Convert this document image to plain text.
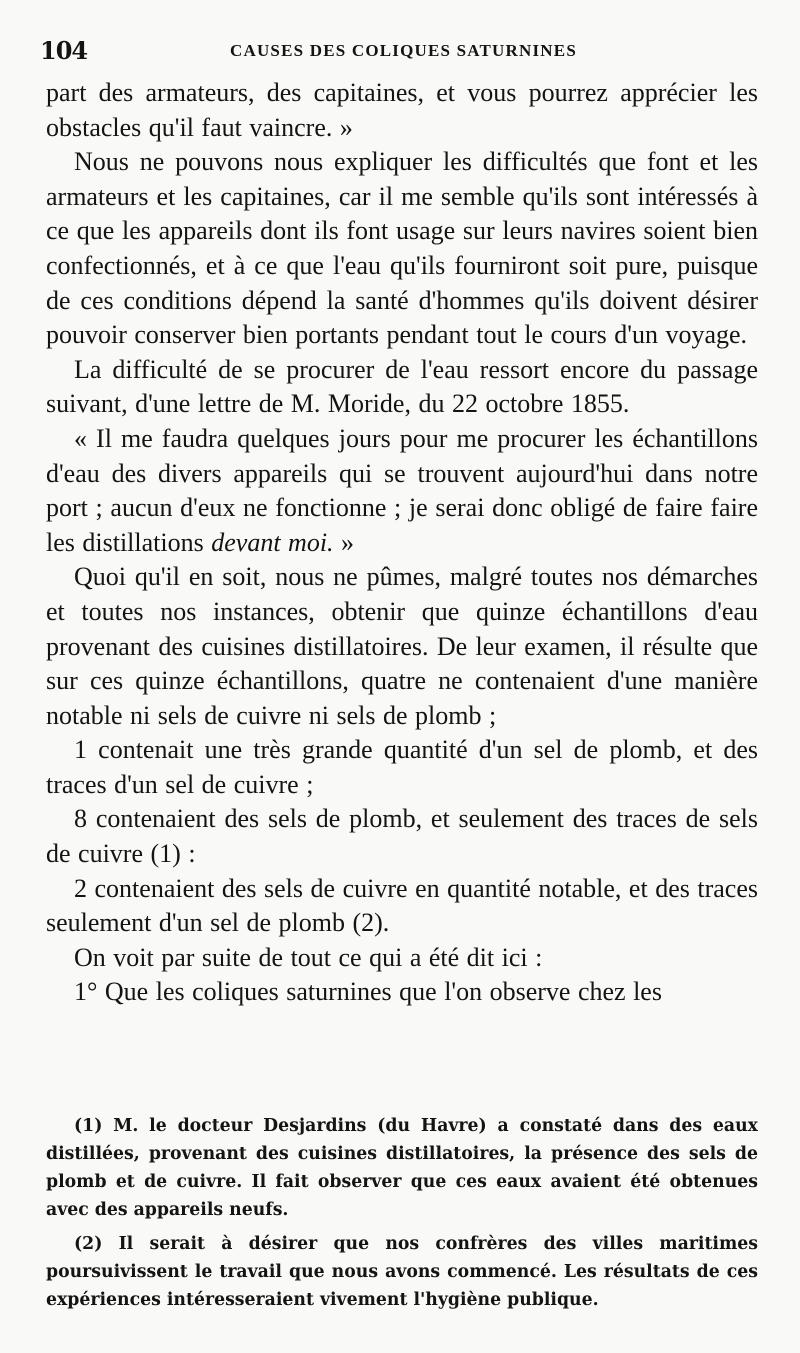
104	CAUSES DES COLIQUES SATURNINES

part des armateurs, des capitaines, et vous pourrez apprécier les obstacles qu'il faut vaincre. »

Nous ne pouvons nous expliquer les difficultés que font et les armateurs et les capitaines, car il me semble qu'ils sont intéressés à ce que les appareils dont ils font usage sur leurs navires soient bien confectionnés, et à ce que l'eau qu'ils fourniront soit pure, puisque de ces conditions dépend la santé d'hommes qu'ils doivent désirer pouvoir conserver bien portants pendant tout le cours d'un voyage.

La difficulté de se procurer de l'eau ressort encore du passage suivant, d'une lettre de M. Moride, du 22 octobre 1855.

« Il me faudra quelques jours pour me procurer les échantillons d'eau des divers appareils qui se trouvent aujourd'hui dans notre port ; aucun d'eux ne fonctionne ; je serai donc obligé de faire faire les distillations devant moi. »

Quoi qu'il en soit, nous ne pûmes, malgré toutes nos démarches et toutes nos instances, obtenir que quinze échantillons d'eau provenant des cuisines distillatoires. De leur examen, il résulte que sur ces quinze échantillons, quatre ne contenaient d'une manière notable ni sels de cuivre ni sels de plomb ;

1 contenait une très grande quantité d'un sel de plomb, et des traces d'un sel de cuivre ;

8 contenaient des sels de plomb, et seulement des traces de sels de cuivre (1) :

2 contenaient des sels de cuivre en quantité notable, et des traces seulement d'un sel de plomb (2).

On voit par suite de tout ce qui a été dit ici :

1° Que les coliques saturnines que l'on observe chez les

(1) M. le docteur Desjardins (du Havre) a constaté dans des eaux distillées, provenant des cuisines distillatoires, la présence des sels de plomb et de cuivre. Il fait observer que ces eaux avaient été obtenues avec des appareils neufs.

(2) Il serait à désirer que nos confrères des villes maritimes poursuivissent le travail que nous avons commencé. Les résultats de ces expériences intéresseraient vivement l'hygiène publique.
